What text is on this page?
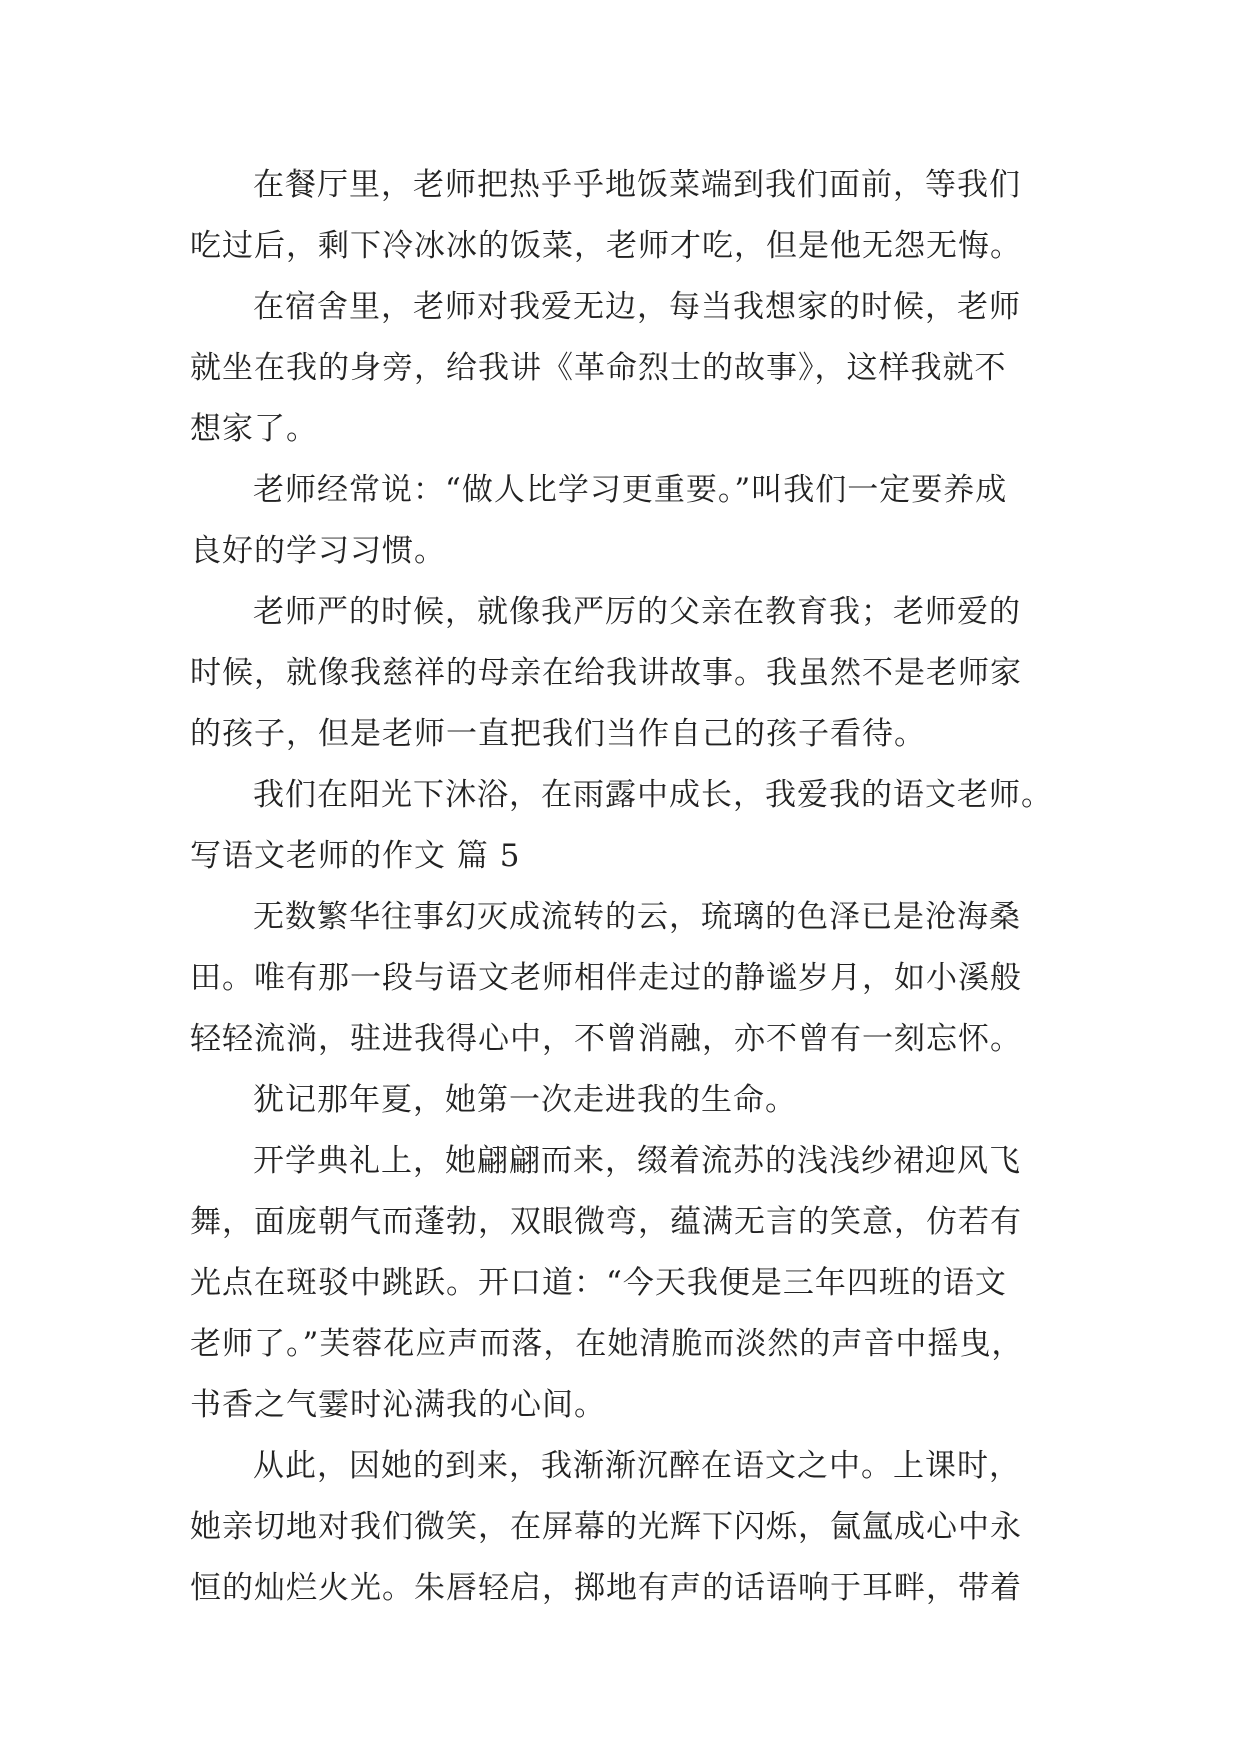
在餐厅里，老师把热乎乎地饭菜端到我们面前，等我们
吃过后，剩下冷冰冰的饭菜，老师才吃，但是他无怨无悔。
在宿舍里，老师对我爱无边，每当我想家的时候，老师
就坐在我的身旁，给我讲《革命烈士的故事》，这样我就不
想家了。
老师经常说：“做人比学习更重要。”叫我们一定要养成
良好的学习习惯。
老师严的时候，就像我严厉的父亲在教育我；老师爱的
时候，就像我慈祥的母亲在给我讲故事。我虽然不是老师家
的孩子，但是老师一直把我们当作自己的孩子看待。
我们在阳光下沐浴，在雨露中成长，我爱我的语文老师。
写语文老师的作文 篇 5
无数繁华往事幻灭成流转的云，琉璃的色泽已是沧海桑
田。唯有那一段与语文老师相伴走过的静谧岁月，如小溪般
轻轻流淌，驻进我得心中，不曾消融，亦不曾有一刻忘怀。
犹记那年夏，她第一次走进我的生命。
开学典礼上，她翩翩而来，缀着流苏的浅浅纱裙迎风飞
舞，面庞朝气而蓬勃，双眼微弯，蕴满无言的笑意，仿若有
光点在斑驳中跳跃。开口道：“今天我便是三年四班的语文
老师了。”芙蓉花应声而落，在她清脆而淡然的声音中摇曳，
书香之气霎时沁满我的心间。
从此，因她的到来，我渐渐沉醉在语文之中。上课时，
她亲切地对我们微笑，在屏幕的光辉下闪烁，氤氲成心中永
恒的灿烂火光。朱唇轻启，掷地有声的话语响于耳畔，带着
